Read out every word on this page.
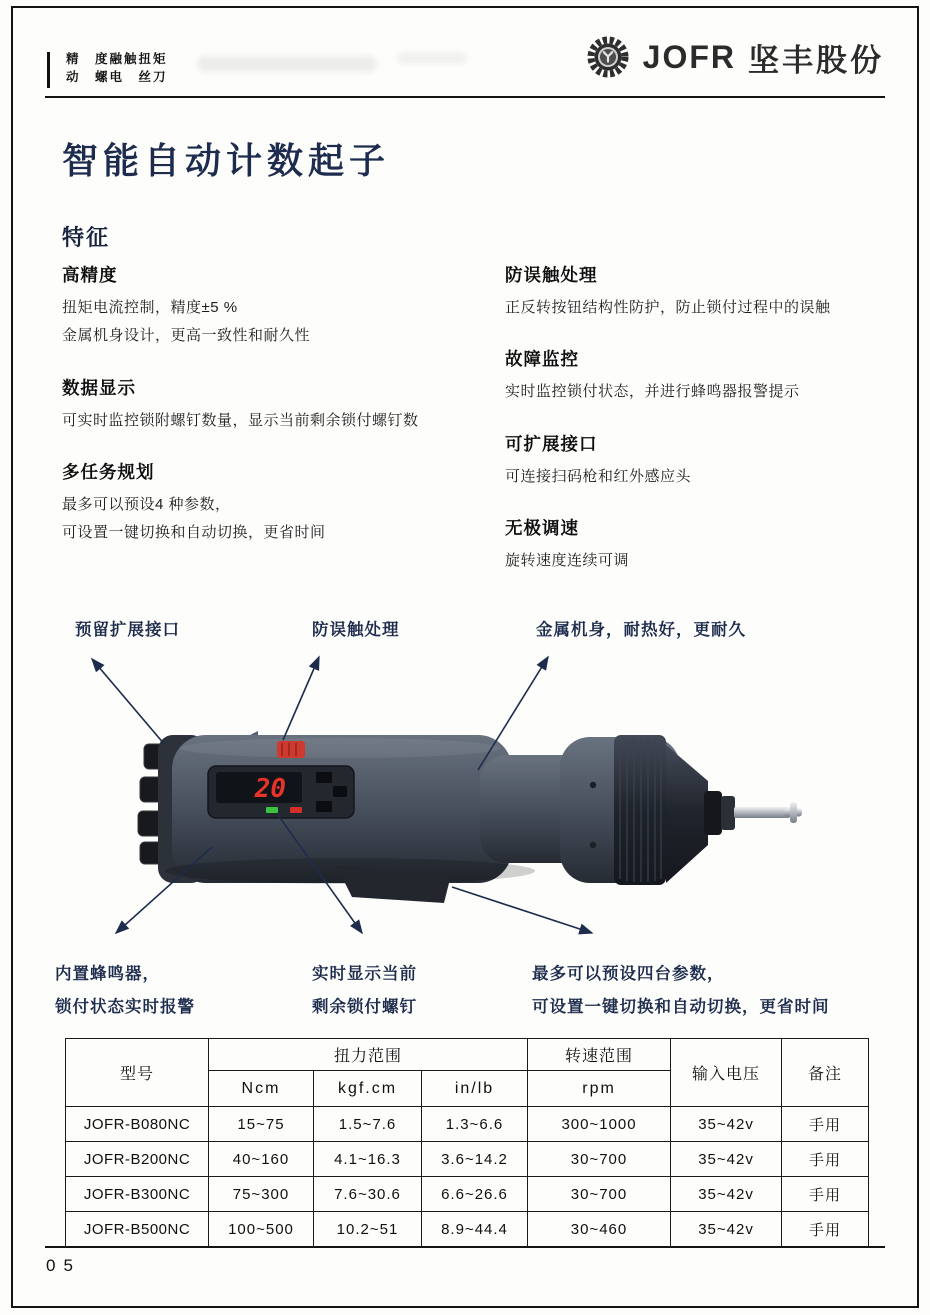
精　度融触扭矩
动　螺电　丝刀
JOFR 坚丰股份
智能自动计数起子
特征
高精度

扭矩电流控制，精度±5 %

金属机身设计，更高一致性和耐久性

数据显示

可实时监控锁附螺钉数量，显示当前剩余锁付螺钉数

多任务规划

最多可以预设4 种参数，

可设置一键切换和自动切换，更省时间

防误触处理

正反转按钮结构性防护，防止锁付过程中的误触

故障监控

实时监控锁付状态，并进行蜂鸣器报警提示

可扩展接口

可连接扫码枪和红外感应头

无极调速

旋转速度连续可调

预留扩展接口	防误触处理	金属机身，耐热好，更耐久
20
内置蜂鸣器，
锁付状态实时报警
实时显示当前
剩余锁付螺钉
最多可以预设四台参数，
可设置一键切换和自动切换，更省时间
型号	扭力范围			转速范围	输入电压	备注
	Ncm	kgf.cm	in/lb	rpm		
JOFR-B080NC	15~75	1.5~7.6	1.3~6.6	300~1000	35~42v	手用
JOFR-B200NC	40~160	4.1~16.3	3.6~14.2	30~700	35~42v	手用
JOFR-B300NC	75~300	7.6~30.6	6.6~26.6	30~700	35~42v	手用
JOFR-B500NC	100~500	10.2~51	8.9~44.4	30~460	35~42v	手用
05
